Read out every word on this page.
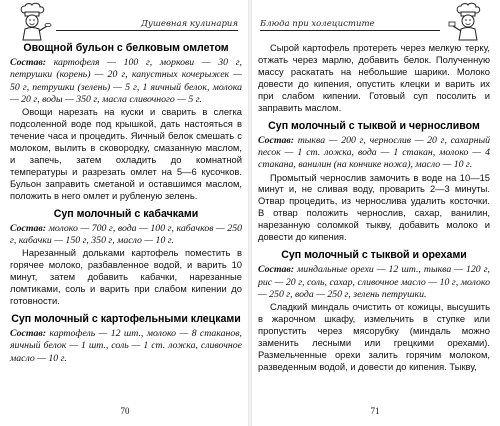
Душевная кулинария
Овощной бульон с белковым омлетом

Состав: картофеля — 100 г, моркови — 30 г, петрушки (корень) — 20 г, капустных кочерыжек — 50 г, петрушки (зелень) — 5 г, 1 яичный белок, молока — 20 г, воды — 350 г, масла сливочного — 5 г.

Овощи нарезать на куски и сварить в слегка подсоленной воде под крышкой, дать настояться в течение часа и процедить. Яичный белок смешать с молоком, вылить в сковородку, смазанную маслом, и запечь, затем охладить до комнатной температуры и разрезать омлет на 5—6 кусочков. Бульон заправить сметаной и оставшимся маслом, положить в него омлет и рубленую зелень.

Суп молочный с кабачками

Состав: молоко — 700 г, вода — 100 г, кабачков — 250 г, кабачки — 150 г, 350 г, масло — 10 г.

Нарезанный дольками картофель поместить в горячее молоко, разбавленное водой, и варить 10 минут, затем добавить кабачки, нарезанные ломтиками, соль и варить при слабом кипении до готовности.

Суп молочный с картофельными клецками

Состав: картофель — 12 шт., молоко — 8 стаканов, яичный белок — 1 шт., соль — 1 ст. ложка, сливочное масло — 10 г.

70
Блюда при холецистите

Сырой картофель протереть через мелкую терку, отжать через марлю, добавить белок. Полученную массу раскатать на небольшие шарики. Молоко довести до кипения, опустить клецки и варить их при слабом кипении. Готовый суп посолить и заправить маслом.

Суп молочный с тыквой и черносливом

Состав: тыква — 200 г, чернослив — 20 г, сахарный песок — 1 ст. ложка, вода — 1 стакан, молоко — 4 стакана, ванилин (на кончике ножа), масло — 10 г.

Промытый чернослив замочить в воде на 10—15 минут и, не сливая воду, проварить 2—3 минуты. Отвар процедить, из чернослива удалить косточки. В отвар положить чернослив, сахар, ванилин, нарезанную соломкой тыкву, добавить молоко и довести до кипения.

Суп молочный с тыквой и орехами

Состав: миндальные орехи — 12 шт., тыква — 120 г, рис — 20 г, соль, сахар, сливочное масло — 10 г, молоко — 250 г, вода — 250 г, зелень петрушки.

Сладкий миндаль очистить от кожицы, высушить в жарочном шкафу, измельчить в ступке или пропустить через мясорубку (миндаль можно заменить лесными или грецкими орехами). Размельченные орехи залить горячим молоком, разведенным водой, и довести до кипения. Тыкву,

71
